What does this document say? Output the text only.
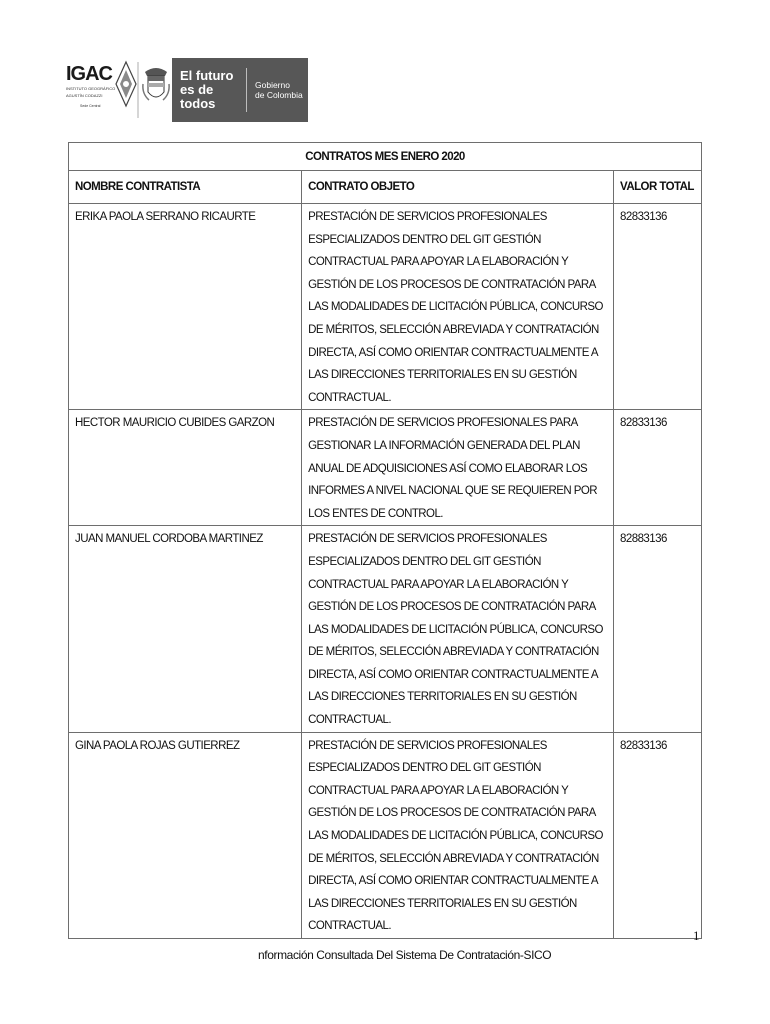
IGAC
INSTITUTO GEOGRÁFICO
AGUSTÍN CODAZZI
Sede Central
El futuro
es de todos
Gobierno
de Colombia
CONTRATOS MES ENERO 2020		
NOMBRE CONTRATISTA	CONTRATO OBJETO	VALOR TOTAL
ERIKA PAOLA SERRANO RICAURTE	PRESTACIÓN DE SERVICIOS PROFESIONALES ESPECIALIZADOS DENTRO DEL GIT GESTIÓN CONTRACTUAL PARA APOYAR LA ELABORACIÓN Y GESTIÓN DE LOS PROCESOS DE CONTRATACIÓN PARA LAS MODALIDADES DE LICITACIÓN PÚBLICA, CONCURSO DE MÉRITOS, SELECCIÓN ABREVIADA Y CONTRATACIÓN DIRECTA, ASÍ COMO ORIENTAR CONTRACTUALMENTE A LAS DIRECCIONES TERRITORIALES EN SU GESTIÓN CONTRACTUAL.	82833136
HECTOR MAURICIO CUBIDES GARZON	PRESTACIÓN DE SERVICIOS PROFESIONALES PARA GESTIONAR LA INFORMACIÓN GENERADA DEL PLAN ANUAL DE ADQUISICIONES ASÍ COMO ELABORAR LOS INFORMES A NIVEL NACIONAL QUE SE REQUIEREN POR LOS ENTES DE CONTROL.	82833136
JUAN MANUEL CORDOBA MARTINEZ	PRESTACIÓN DE SERVICIOS PROFESIONALES ESPECIALIZADOS DENTRO DEL GIT GESTIÓN CONTRACTUAL PARA APOYAR LA ELABORACIÓN Y GESTIÓN DE LOS PROCESOS DE CONTRATACIÓN PARA LAS MODALIDADES DE LICITACIÓN PÚBLICA, CONCURSO DE MÉRITOS, SELECCIÓN ABREVIADA Y CONTRATACIÓN DIRECTA, ASÍ COMO ORIENTAR CONTRACTUALMENTE A LAS DIRECCIONES TERRITORIALES EN SU GESTIÓN CONTRACTUAL.	82883136
GINA PAOLA ROJAS GUTIERREZ	PRESTACIÓN DE SERVICIOS PROFESIONALES ESPECIALIZADOS DENTRO DEL GIT GESTIÓN CONTRACTUAL PARA APOYAR LA ELABORACIÓN Y GESTIÓN DE LOS PROCESOS DE CONTRATACIÓN PARA LAS MODALIDADES DE LICITACIÓN PÚBLICA, CONCURSO DE MÉRITOS, SELECCIÓN ABREVIADA Y CONTRATACIÓN DIRECTA, ASÍ COMO ORIENTAR CONTRACTUALMENTE A LAS DIRECCIONES TERRITORIALES EN SU GESTIÓN CONTRACTUAL.	82833136
1
nformación Consultada Del Sistema De Contratación-SICO
